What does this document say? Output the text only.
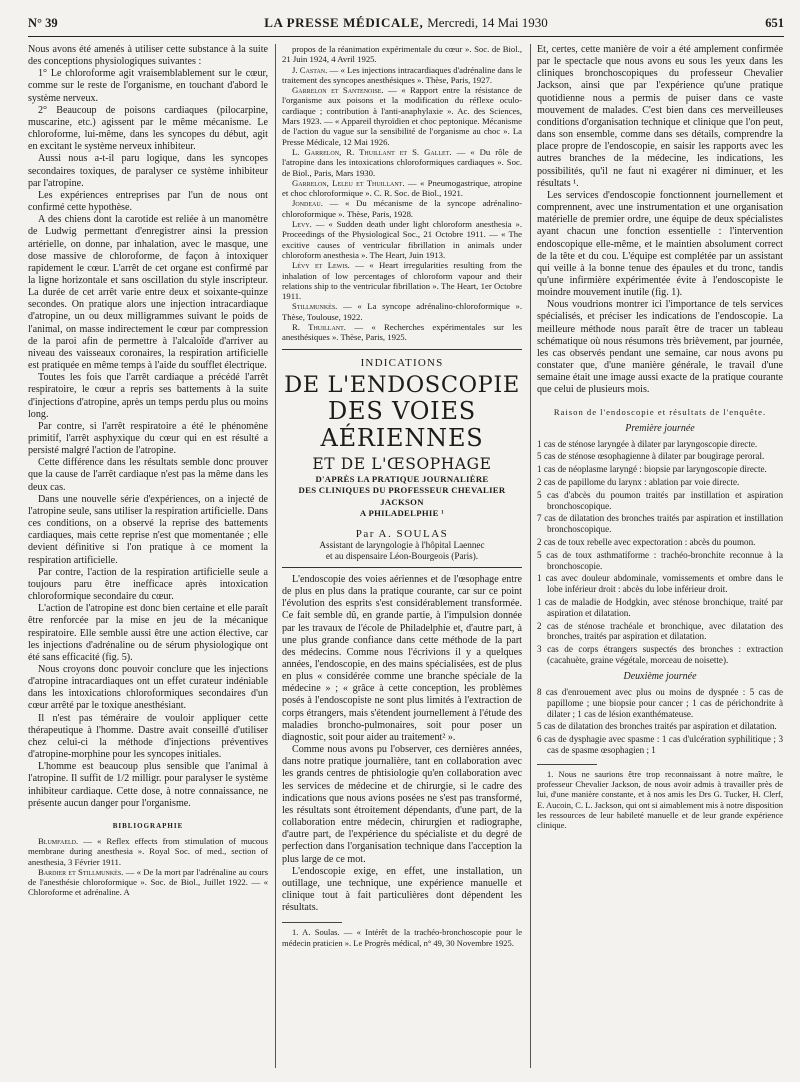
N° 39	LA PRESSE MÉDICALE, Mercredi, 14 Mai 1930	651

Nous avons été amenés à utiliser cette substance à la suite des conceptions physiologiques suivantes :

1° Le chloroforme agit vraisemblablement sur le cœur, comme sur le reste de l'organisme, en touchant d'abord le système nerveux.

2° Beaucoup de poisons cardiaques (pilocarpine, muscarine, etc.) agissent par le même mécanisme. Le chloroforme, lui-même, dans les syncopes du début, agit en excitant le système nerveux inhibiteur.

Aussi nous a-t-il paru logique, dans les syncopes secondaires toxiques, de paralyser ce système inhibiteur par l'atropine.

Les expériences entreprises par l'un de nous ont confirmé cette hypothèse.

A des chiens dont la carotide est reliée à un manomètre de Ludwig permettant d'enregistrer ainsi la pression artérielle, on donne, par inhalation, avec le masque, une dose massive de chloroforme, de façon à intoxiquer rapidement le cœur. L'arrêt de cet organe est confirmé par la ligne horizontale et sans oscillation du style inscripteur. La durée de cet arrêt varie entre deux et soixante-quinze secondes. On pratique alors une injection intracardiaque d'atropine, un ou deux milligrammes suivant le poids de l'animal, on masse indirectement le cœur par compression de la paroi afin de permettre à l'alcaloïde d'arriver au niveau des vaisseaux coronaires, la respiration artificielle est pratiquée en même temps à l'aide du soufflet électrique.

Toutes les fois que l'arrêt cardiaque a précédé l'arrêt respiratoire, le cœur a repris ses battements à la suite d'injections d'atropine, après un temps perdu plus ou moins long.

Par contre, si l'arrêt respiratoire a été le phénomène primitif, l'arrêt asphyxique du cœur qui en est résulté a persisté malgré l'action de l'atropine.

Cette différence dans les résultats semble donc prouver que la cause de l'arrêt cardiaque n'est pas la même dans les deux cas.

Dans une nouvelle série d'expériences, on a injecté de l'atropine seule, sans utiliser la respiration artificielle. Dans ces conditions, on a observé la reprise des battements cardiaques, mais cette reprise n'est que momentanée ; elle devient définitive si l'on pratique à ce moment la respiration artificielle.

Par contre, l'action de la respiration artificielle seule a toujours paru être inefficace après intoxication chloroformique secondaire du cœur.

L'action de l'atropine est donc bien certaine et elle paraît être renforcée par la mise en jeu de la mécanique respiratoire. Elle semble aussi être une action élective, car les injections d'adrénaline ou de sérum physiologique ont été sans efficacité (fig. 5).

Nous croyons donc pouvoir conclure que les injections d'atropine intracardiaques ont un effet curateur indéniable dans les intoxications chloroformiques secondaires d'un cœur arrêté par le toxique anesthésiant.

Il n'est pas téméraire de vouloir appliquer cette thérapeutique à l'homme. Dastre avait conseillé d'utiliser chez celui-ci la méthode d'injections préventives d'atropine-morphine pour les syncopes initiales.

L'homme est beaucoup plus sensible que l'animal à l'atropine. Il suffit de 1/2 milligr. pour paralyser le système inhibiteur cardiaque. Cette dose, à notre connaissance, ne présente aucun danger pour l'organisme.

BIBLIOGRAPHIE
Blumfaeld. — « Reflex effects from stimulation of mucous membrane during anesthesia ». Royal Soc. of med., section of anesthesia, 3 Février 1911.
Bardier et Stillmunkès. — « De la mort par l'adrénaline au cours de l'anesthésie chloroformique ». Soc. de Biol., Juillet 1922. — « Chloroforme et adrénaline. A
propos de la réanimation expérimentale du cœur ». Soc. de Biol., 21 Juin 1924, 4 Avril 1925.
J. Castan. — « Les injections intracardiaques d'adrénaline dans le traitement des syncopes anesthésiques ». Thèse, Paris, 1927.
Garrelon et Santenoise. — « Rapport entre la résistance de l'organisme aux poisons et la modification du réflexe oculo-cardiaque ; contribution à l'anti-anaphylaxie ». Ac. des Sciences, Mars 1923. — « Appareil thyroïdien et choc peptonique. Mécanisme de l'action du vague sur la sensibilité de l'organisme au choc ». La Presse Médicale, 12 Mai 1926.
L. Garrelon, R. Thuillant et S. Gallet. — « Du rôle de l'atropine dans les intoxications chloroformiques cardiaques ». Soc. de Biol., Paris, Mars 1930.
Garrelon, Leleu et Thuillant. — « Pneumogastrique, atropine et choc chloroformique ». C. R. Soc. de Biol., 1921.
Jondeau. — « Du mécanisme de la syncope adrénalino-chloroformique ». Thèse, Paris, 1928.
Levy. — « Sudden death under light chloroform anesthesia ». Proceedings of the Physiological Soc., 21 Octobre 1911. — « The excitive causes of ventricular fibrillation in animals under chloroform anesthesia ». The Heart, Juin 1913.
Lévy et Lewis. — « Heart irregularities resulting from the inhalation of low percentages of chloroform vapour and their relations ship to the ventricular fibrillation ». The Heart, 1er Octobre 1911.
Stillmunkès. — « La syncope adrénalino-chloroformique ». Thèse, Toulouse, 1922.
R. Thuillant. — « Recherches expérimentales sur les anesthésiques ». Thèse, Paris, 1925.
INDICATIONS
DE L'ENDOSCOPIE
DES VOIES AÉRIENNES
ET DE L'ŒSOPHAGE
D'APRÈS LA PRATIQUE JOURNALIÈRE
DES CLINIQUES DU PROFESSEUR CHEVALIER JACKSON
A PHILADELPHIE ¹
Par A. SOULAS
Assistant de laryngologie à l'hôpital Laennec
et au dispensaire Léon-Bourgeois (Paris).

L'endoscopie des voies aériennes et de l'œsophage entre de plus en plus dans la pratique courante, car sur ce point l'évolution des esprits s'est considérablement transformée. Ce fait semble dû, en grande partie, à l'impulsion donnée par les travaux de l'école de Philadelphie et, d'autre part, à une plus grande confiance dans cette méthode de la part des médecins. Comme nous l'écrivions il y a quelques années, l'endoscopie, en des mains spécialisées, est de plus en plus « considérée comme une branche spéciale de la médecine » ; « grâce à cette conception, les problèmes posés à l'endoscopiste ne sont plus limités à l'extraction de corps étrangers, mais s'étendent journellement à l'étude des maladies broncho-pulmonaires, soit pour poser un diagnostic, soit pour aider au traitement² ».

Comme nous avons pu l'observer, ces dernières années, dans notre pratique journalière, tant en collaboration avec les grands centres de phtisiologie qu'en collaboration avec les services de médecine et de chirurgie, si le cadre des indications que nous avions posées ne s'est pas transformé, les résultats sont étroitement dépendants, d'une part, de la collaboration entre médecin, chirurgien et radiographe, d'autre part, de l'expérience du spécialiste et du degré de perfection dans l'organisation technique dans l'acception la plus large de ce mot.

L'endoscopie exige, en effet, une installation, un outillage, une technique, une expérience manuelle et clinique tout à fait particulières dont dépendent les résultats.

1. A. Soulas. — « Intérêt de la trachéo-bronchoscopie pour le médecin praticien ». Le Progrès médical, n° 49, 30 Novembre 1925.

Et, certes, cette manière de voir a été amplement confirmée par le spectacle que nous avons eu sous les yeux dans les cliniques bronchoscopiques du professeur Chevalier Jackson, ainsi que par l'expérience qu'une pratique quotidienne nous a permis de puiser dans ce vaste mouvement de malades. C'est bien dans ces merveilleuses conditions d'organisation technique et clinique que l'on peut, dans son ensemble, comme dans ses détails, comprendre la place propre de l'endoscopie, en saisir les rapports avec les autres branches de la médecine, les indications, les possibilités, qu'il ne faut ni exagérer ni diminuer, et les résultats ¹.

Les services d'endoscopie fonctionnent journellement et comprennent, avec une instrumentation et une organisation matérielle de premier ordre, une équipe de deux spécialistes ayant chacun une fonction essentielle : l'intervention endoscopique elle-même, et le maintien absolument correct de la tête et du cou. L'équipe est complétée par un assistant qui veille à la bonne tenue des épaules et du tronc, tandis qu'une infirmière expérimentée évite à l'endoscopiste le moindre mouvement inutile (fig. 1).

Nous voudrions montrer ici l'importance de tels services spécialisés, et préciser les indications de l'endoscopie. La meilleure méthode nous paraît être de tracer un tableau schématique où nous résumons très brièvement, par journée, les cas observés pendant une semaine, car nous avons pu constater que, d'une manière générale, le travail d'une semaine était une image aussi exacte de la pratique courante que celui de plusieurs mois.

Raison de l'endoscopie et résultats de l'enquête.
Première journée
1 cas de sténose laryngée à dilater par laryngoscopie directe.
5 cas de sténose œsophagienne à dilater par bougirage peroral.
1 cas de néoplasme laryngé : biopsie par laryngoscopie directe.
2 cas de papillome du larynx : ablation par voie directe.
5 cas d'abcès du poumon traités par instillation et aspiration bronchoscopique.
7 cas de dilatation des bronches traités par aspiration et instillation bronchoscopique.
2 cas de toux rebelle avec expectoration : abcès du poumon.
5 cas de toux asthmatiforme : trachéo-bronchite reconnue à la bronchoscopie.
1 cas avec douleur abdominale, vomissements et ombre dans le lobe inférieur droit : abcès du lobe inférieur droit.
1 cas de maladie de Hodgkin, avec sténose bronchique, traité par aspiration et dilatation.
2 cas de sténose trachéale et bronchique, avec dilatation des bronches, traités par aspiration et dilatation.
3 cas de corps étrangers suspectés des bronches : extraction (cacahuète, graine végétale, morceau de noisette).
Deuxième journée
8 cas d'enrouement avec plus ou moins de dyspnée : 5 cas de papillome ; une biopsie pour cancer ; 1 cas de périchondrite à dilater ; 1 cas de lésion exanthémateuse.
5 cas de dilatation des bronches traités par aspiration et dilatation.
6 cas de dysphagie avec spasme : 1 cas d'ulcération syphilitique ; 3 cas de spasme œsophagien ; 1
1. Nous ne saurions être trop reconnaissant à notre maître, le professeur Chevalier Jackson, de nous avoir admis à travailler près de lui, d'une manière constante, et à nos amis les Drs G. Tucker, H. Clerf, E. Aucoin, C. L. Jackson, qui ont si aimablement mis à notre disposition les ressources de leur habileté manuelle et de leur grande expérience clinique.
